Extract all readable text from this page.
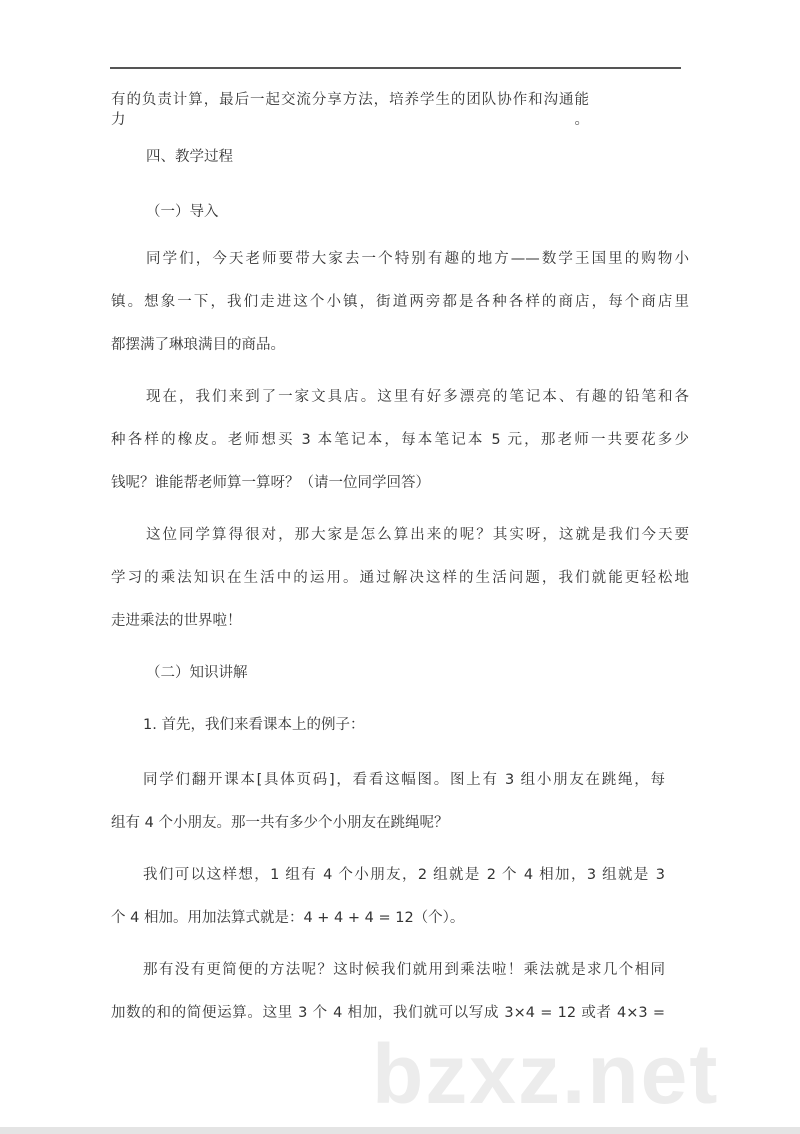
有的负责计算，最后一起交流分享方法，培养学生的团队协作和沟通能力。
四、教学过程
（一）导入
同学们，今天老师要带大家去一个特别有趣的地方——数学王国里的购物小
镇。想象一下，我们走进这个小镇，街道两旁都是各种各样的商店，每个商店里
都摆满了琳琅满目的商品。
现在，我们来到了一家文具店。这里有好多漂亮的笔记本、有趣的铅笔和各
种各样的橡皮。老师想买 3 本笔记本，每本笔记本 5 元，那老师一共要花多少
钱呢？谁能帮老师算一算呀？（请一位同学回答）
这位同学算得很对，那大家是怎么算出来的呢？其实呀，这就是我们今天要
学习的乘法知识在生活中的运用。通过解决这样的生活问题，我们就能更轻松地
走进乘法的世界啦！
（二）知识讲解
1. 首先，我们来看课本上的例子：
同学们翻开课本[具体页码]，看看这幅图。图上有 3 组小朋友在跳绳，每
组有 4 个小朋友。那一共有多少个小朋友在跳绳呢？
我们可以这样想，1 组有 4 个小朋友，2 组就是 2 个 4 相加，3 组就是 3
个 4 相加。用加法算式就是：4 + 4 + 4 = 12（个）。
那有没有更简便的方法呢？这时候我们就用到乘法啦！乘法就是求几个相同
加数的和的简便运算。这里 3 个 4 相加，我们就可以写成 3×4 = 12 或者 4×3 =
bzxz.net
